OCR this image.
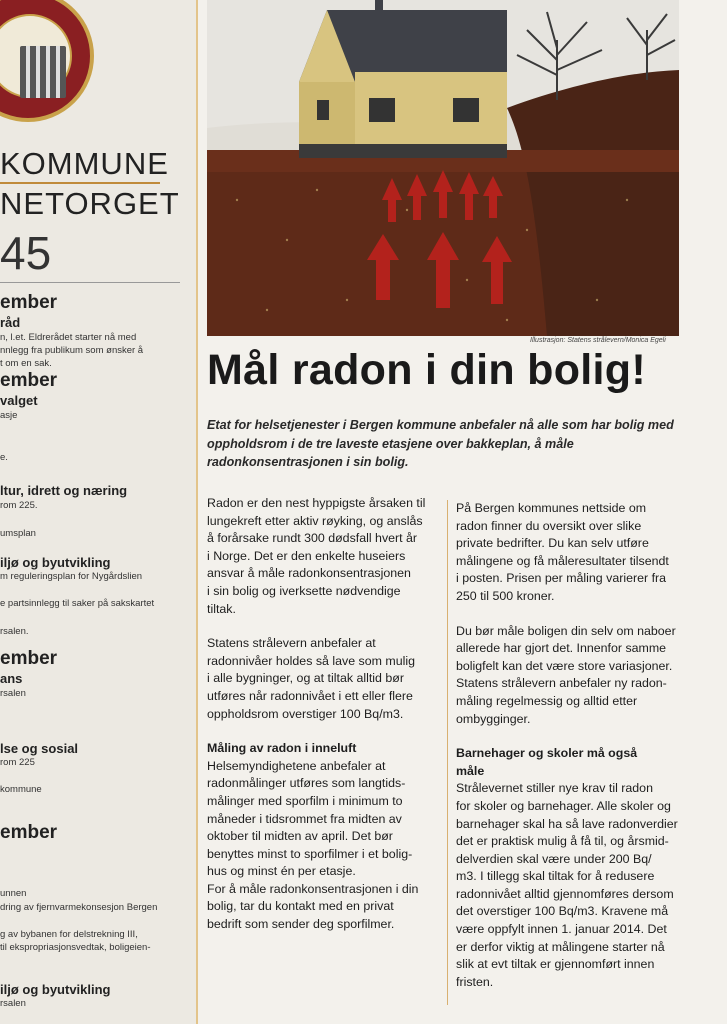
KOMMUNE
NETORGET
45
ember
råd
n, l.et. Eldrerådet starter nå med
nnlegg fra publikum som ønsker å
t om en sak.
ember
valget
asje
e.
ltur, idrett og næring
rom 225.
umsplan
iljø og byutvikling
m reguleringsplan for Nygårdslien
e partsinnlegg til saker på sakskartet
rsalen.
ember
ans
rsalen
lse og sosial
rom 225
kommune
ember
unnen
dring av fjernvarmekonsesjon Bergen
g av bybanen for delstrekning III,
til ekspropriasjonsvedtak, boligeien-
iljø og byutvikling
rsalen
Illustrasjon: Statens strålevern/Monica Egeli
Mål radon i din bolig!
Etat for helsetjenester i Bergen kommune anbefaler nå alle som har bolig med oppholdsrom i de tre laveste etasjene over bakkeplan, å måle radonkonsentrasjonen i sin bolig.

Radon er den nest hyppigste årsaken til
lungekreft etter aktiv røyking, og anslås
å forårsake rundt 300 dødsfall hvert år
i Norge. Det er den enkelte huseiers
ansvar å måle radonkonsentrasjonen
i sin bolig og iverksette nødvendige
tiltak.

Statens strålevern anbefaler at
radonnivåer holdes så lave som mulig
i alle bygninger, og at tiltak alltid bør
utføres når radonnivået i ett eller flere
oppholdsrom overstiger 100 Bq/m3.

Måling av radon i inneluft

Helsemyndighetene anbefaler at
radonmålinger utføres som langtids-
målinger med sporfilm i minimum to
måneder i tidsrommet fra midten av
oktober til midten av april. Det bør
benyttes minst to sporfilmer i et bolig-
hus og minst én per etasje.
For å måle radonkonsentrasjonen i din
bolig, tar du kontakt med en privat
bedrift som sender deg sporfilmer.

På Bergen kommunes nettside om
radon finner du oversikt over slike
private bedrifter. Du kan selv utføre
målingene og få måleresultater tilsendt
i posten. Prisen per måling varierer fra
250 til 500 kroner.

Du bør måle boligen din selv om naboer
allerede har gjort det. Innenfor samme
boligfelt kan det være store variasjoner.
Statens strålevern anbefaler ny radon-
måling regelmessig og alltid etter
ombygginger.

Barnehager og skoler må også
måle

Strålevernet stiller nye krav til radon
for skoler og barnehager. Alle skoler og
barnehager skal ha så lave radonverdier
det er praktisk mulig å få til, og årsmid-
delverdien skal være under 200 Bq/
m3. I tillegg skal tiltak for å redusere
radonnivået alltid gjennomføres dersom
det overstiger 100 Bq/m3. Kravene må
være oppfylt innen 1. januar 2014. Det
er derfor viktig at målingene starter nå
slik at evt tiltak er gjennomført innen
fristen.
